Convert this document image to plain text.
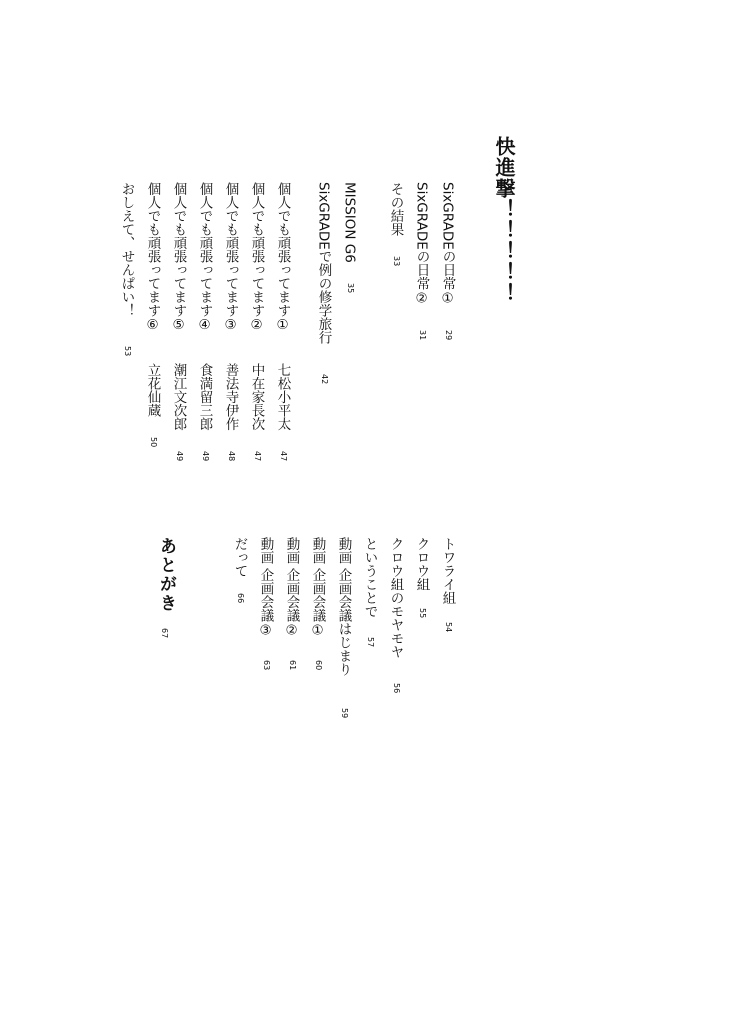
快進撃！！！！！
SixGRADEの日常①
29
SixGRADEの日常②
31
その結果
33
MISSION G6
35
SixGRADEで例の修学旅行
42
個人でも頑張ってます①
七松小平太
47
個人でも頑張ってます②
中在家長次
47
個人でも頑張ってます③
善法寺伊作
48
個人でも頑張ってます④
食満留三郎
49
個人でも頑張ってます⑤
潮江文次郎
49
個人でも頑張ってます⑥
立花仙蔵
50
おしえて、せんぱい！
53
トワライ組
54
クロウ組
55
クロウ組のモヤモヤ
56
ということで
57
動画 企画会議はじまり
59
動画 企画会議①
60
動画 企画会議②
61
動画 企画会議③
63
だって
66
あとがき
67
